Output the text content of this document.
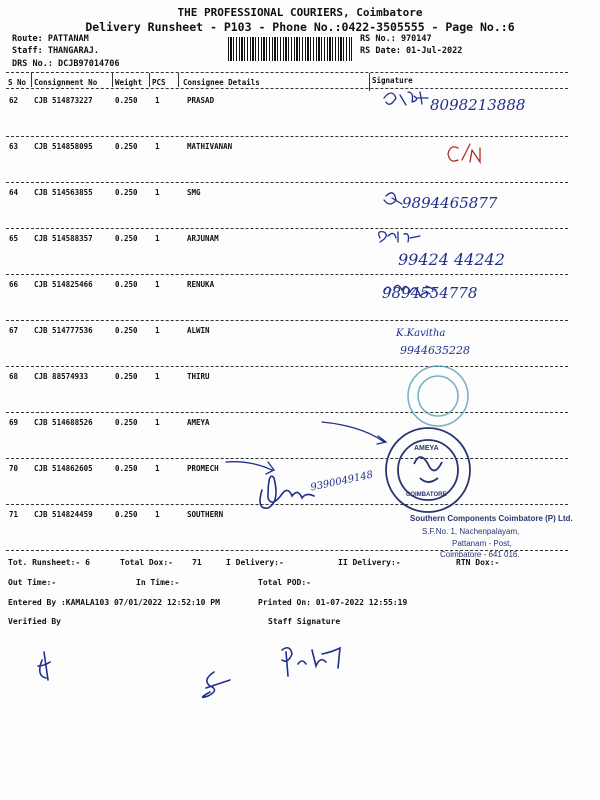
THE PROFESSIONAL COURIERS, Coimbatore
Delivery Runsheet - P103 - Phone No.:0422-3505555 - Page No.:6
Route: PATTANAM
Staff: THANGARAJ.
DRS No.: DCJB97014706
RS No.: 970147
RS Date: 01-Jul-2022
S No Consignment No Weight PCS Consignee Details	Signature
62 CJB 514873227	0.250 1	PRASAD
63 CJB 514858095	0.250 1	MATHIVANAN
64 CJB 514563855	0.250 1	SMG
65 CJB 514588357	0.250 1	ARJUNAM
66 CJB 514825466	0.250 1	RENUKA
67 CJB 514777536	0.250 1	ALWIN
68 CJB 88574933	0.250 1	THIRU
69 CJB 514688526	0.250 1	AMEYA
70 CJB 514862605	0.250 1	PROMECH
71 CJB 514824459	0.250 1	SOUTHERN
8098213888
9894465877
99424 44242
9894554778
K.Kavitha
9944635228
9390049148
AMEYA
COIMBATORE
Southern Components Coimbatore (P) Ltd.
S.F.No. 1, Nachenpalayam,
Pattanam - Post,
Coimbatore - 641 016.
Tot. Runsheet:- 6	Total Dox:- 71	I Delivery:-	II Delivery:-	RTN Dox:-
Out Time:-	In Time:-	Total POD:-
Entered By :KAMALA103 07/01/2022 12:52:10 PM	Printed On: 01-07-2022 12:55:19
Verified By	Staff Signature
